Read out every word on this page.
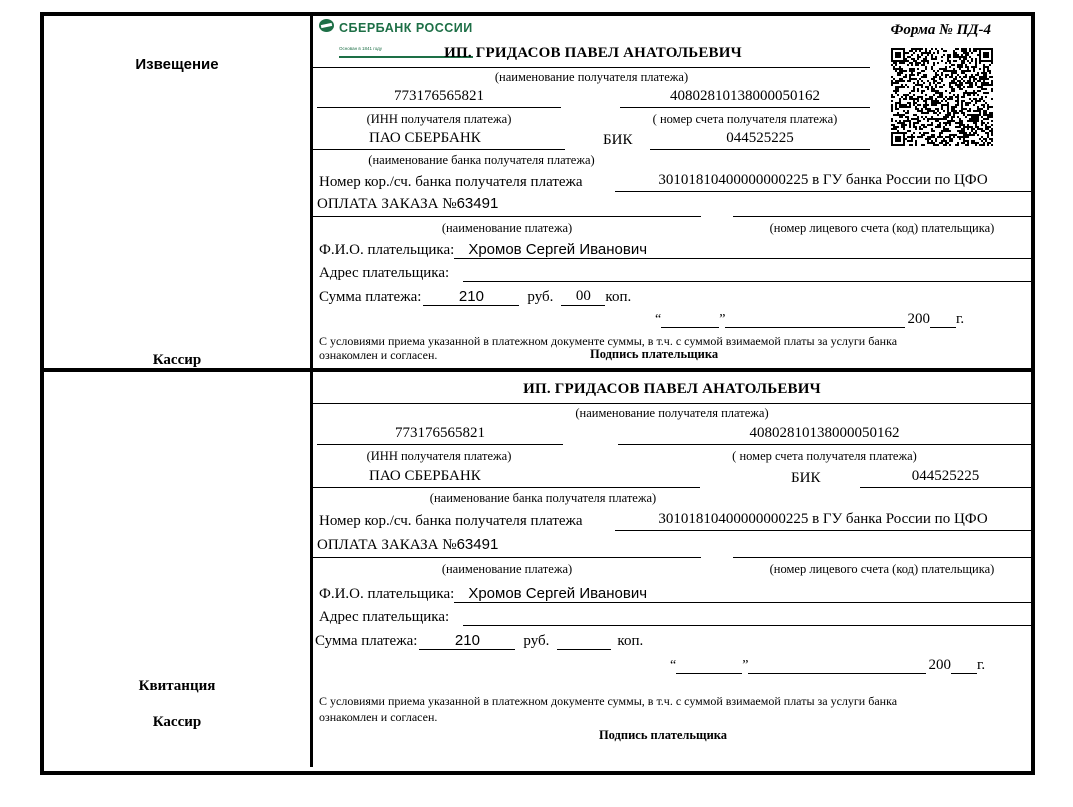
Извещение
Кассир
СБЕРБАНК РОССИИ
Основан в 1841 году
Форма № ПД-4
ИП. ГРИДАСОВ ПАВЕЛ АНАТОЛЬЕВИЧ
(наименование получателя платежа)
773176565821	40802810138000050162
(ИНН получателя платежа)	( номер счета получателя платежа)
ПАО СБЕРБАНК	БИК	044525225
(наименование банка получателя платежа)
Номер кор./сч. банка получателя платежа	30101810400000000225 в ГУ банка России по ЦФО
ОПЛАТА ЗАКАЗА №63491
(наименование платежа)	(номер лицевого счета (код) плательщика)
Ф.И.О. плательщика: Хромов Сергей Иванович
Адрес плательщика:
Сумма платежа:	210	руб.	00 коп.
“	”	200 г.
С условиями приема указанной в платежном документе суммы, в т.ч. с суммой взимаемой платы за услуги банка
ознакомлен и согласен.	Подпись плательщика
Квитанция
Кассир
ИП. ГРИДАСОВ ПАВЕЛ АНАТОЛЬЕВИЧ
(наименование получателя платежа)
773176565821	40802810138000050162
(ИНН получателя платежа)	( номер счета получателя платежа)
ПАО СБЕРБАНК	БИК	044525225
(наименование банка получателя платежа)
Номер кор./сч. банка получателя платежа	30101810400000000225 в ГУ банка России по ЦФО
ОПЛАТА ЗАКАЗА №63491
(наименование платежа)	(номер лицевого счета (код) плательщика)
Ф.И.О. плательщика: Хромов Сергей Иванович
Адрес плательщика:
Сумма платежа:	210	руб.	коп.
“	”	200 г.
С условиями приема указанной в платежном документе суммы, в т.ч. с суммой взимаемой платы за услуги банка
ознакомлен и согласен.
Подпись плательщика
